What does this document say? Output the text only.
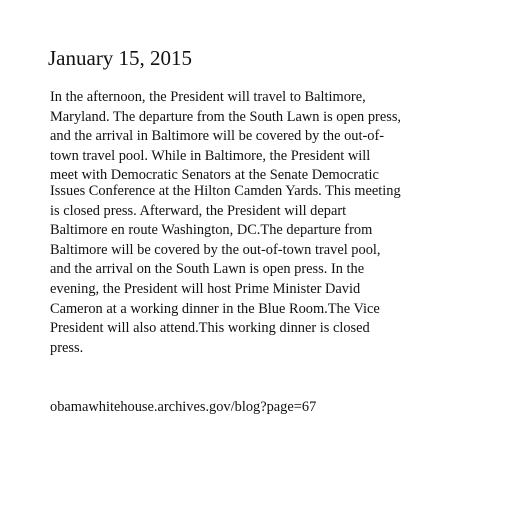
January 15, 2015

In the afternoon, the President will travel to Baltimore,
Maryland. The departure from the South Lawn is open press,
and the arrival in Baltimore will be covered by the out-of-
town travel pool. While in Baltimore, the President will
meet with Democratic Senators at the Senate Democratic
Issues Conference at the Hilton Camden Yards. This meeting
is closed press. Afterward, the President will depart
Baltimore en route Washington, DC.The departure from
Baltimore will be covered by the out-of-town travel pool,
and the arrival on the South Lawn is open press. In the
evening, the President will host Prime Minister David
Cameron at a working dinner in the Blue Room.The Vice
President will also attend.This working dinner is closed
press.

obamawhitehouse.archives.gov/blog?page=67
